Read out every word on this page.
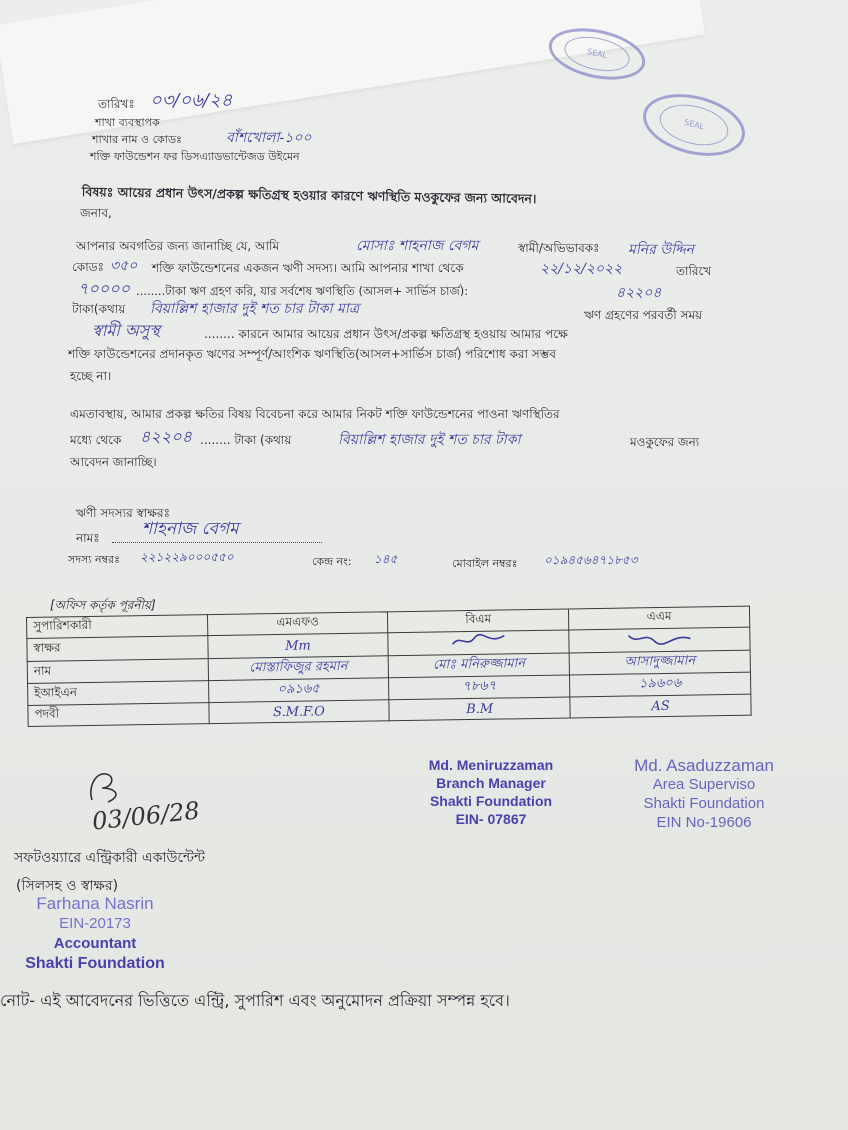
SEAL
SEAL
তারিখঃ ০৩/০৬/২৪
শাখা ব্যবস্থাপক
শাখার নাম ও কোডঃ	বাঁশখোলা-১০০
শক্তি ফাউন্ডেশন ফর ডিসএ্যাডভান্টেজড উইমেন
বিষয়ঃ আয়ের প্রধান উৎস/প্রকল্প ক্ষতিগ্রস্থ হওয়ার কারণে ঋণস্থিতি মওকুফের জন্য আবেদন।
জনাব,
আপনার অবগতির জন্য জানাচ্ছি যে, আমি	মোসাঃ শাহনাজ বেগম	স্বামী/অভিভাবকঃ মনির উদ্দিন
কোডঃ ৩৫০ শক্তি ফাউন্ডেশনের একজন ঋণী সদস্য। আমি আপনার শাখা থেকে	২২/১২/২০২২	তারিখে
৭০০০০ ........টাকা ঋণ গ্রহণ করি, যার সর্বশেষ ঋণস্থিতি (আসল+ সার্ভিস চার্জ):	৪২২০৪
টাকা(কথায় বিয়াল্লিশ হাজার দুই শত চার টাকা মাত্র	ঋণ গ্রহণের পরবর্তী সময়
স্বামী অসুস্থ	........ কারনে আমার আয়ের প্রধান উৎস/প্রকল্প ক্ষতিগ্রস্থ হওয়ায় আমার পক্ষে
শক্তি ফাউন্ডেশনের প্রদানকৃত ঋণের সম্পূর্ণ/আংশিক ঋণস্থিতি(আসল+সার্ভিস চার্জ) পরিশোধ করা সম্ভব
হচ্ছে না।
এমতাবস্থায়, আমার প্রকল্প ক্ষতির বিষয় বিবেচনা করে আমার নিকট শক্তি ফাউন্ডেশনের পাওনা ঋণস্থিতির
মধ্যে থেকে ৪২২০৪ ........ টাকা (কথায়	বিয়াল্লিশ হাজার দুই শত চার টাকা	মওকুফের জন্য
আবেদন জানাচ্ছি।
ঋণী সদস্যর স্বাক্ষরঃ
নামঃ শাহনাজ বেগম
সদস্য নম্বরঃ ২২১২২৯০০০৫৫০	কেন্দ্র নং: ১৪৫	মোবাইল নম্বরঃ ০১৯৪৫৬৪৭১৮৫৩
[অফিস কর্তৃক পূরনীয়]
সুপারিশকারী	এমএফও	বিএম	এএম
স্বাক্ষর	Mm		
নাম	মোস্তাফিজুর রহমান	মোঃ মনিরুজ্জামান	আসাদুজ্জামান
ইআইএন	০৯১৬৫	৭৮৬৭	১৯৬০৬
পদবী	S.M.F.O	B.M	AS
Md. Meniruzzaman
Branch Manager
Shakti Foundation
EIN- 07867
Md. Asaduzzaman
Area Superviso
Shakti Foundation
EIN No-19606
03/06/28
সফটওয়্যারে এন্ট্রিকারী একাউন্টেন্ট
(সিলসহ ও স্বাক্ষর)
Farhana Nasrin
EIN-20173
Accountant
Shakti Foundation
নোট- এই আবেদনের ভিত্তিতে এন্ট্রি, সুপারিশ এবং অনুমোদন প্রক্রিয়া সম্পন্ন হবে।
